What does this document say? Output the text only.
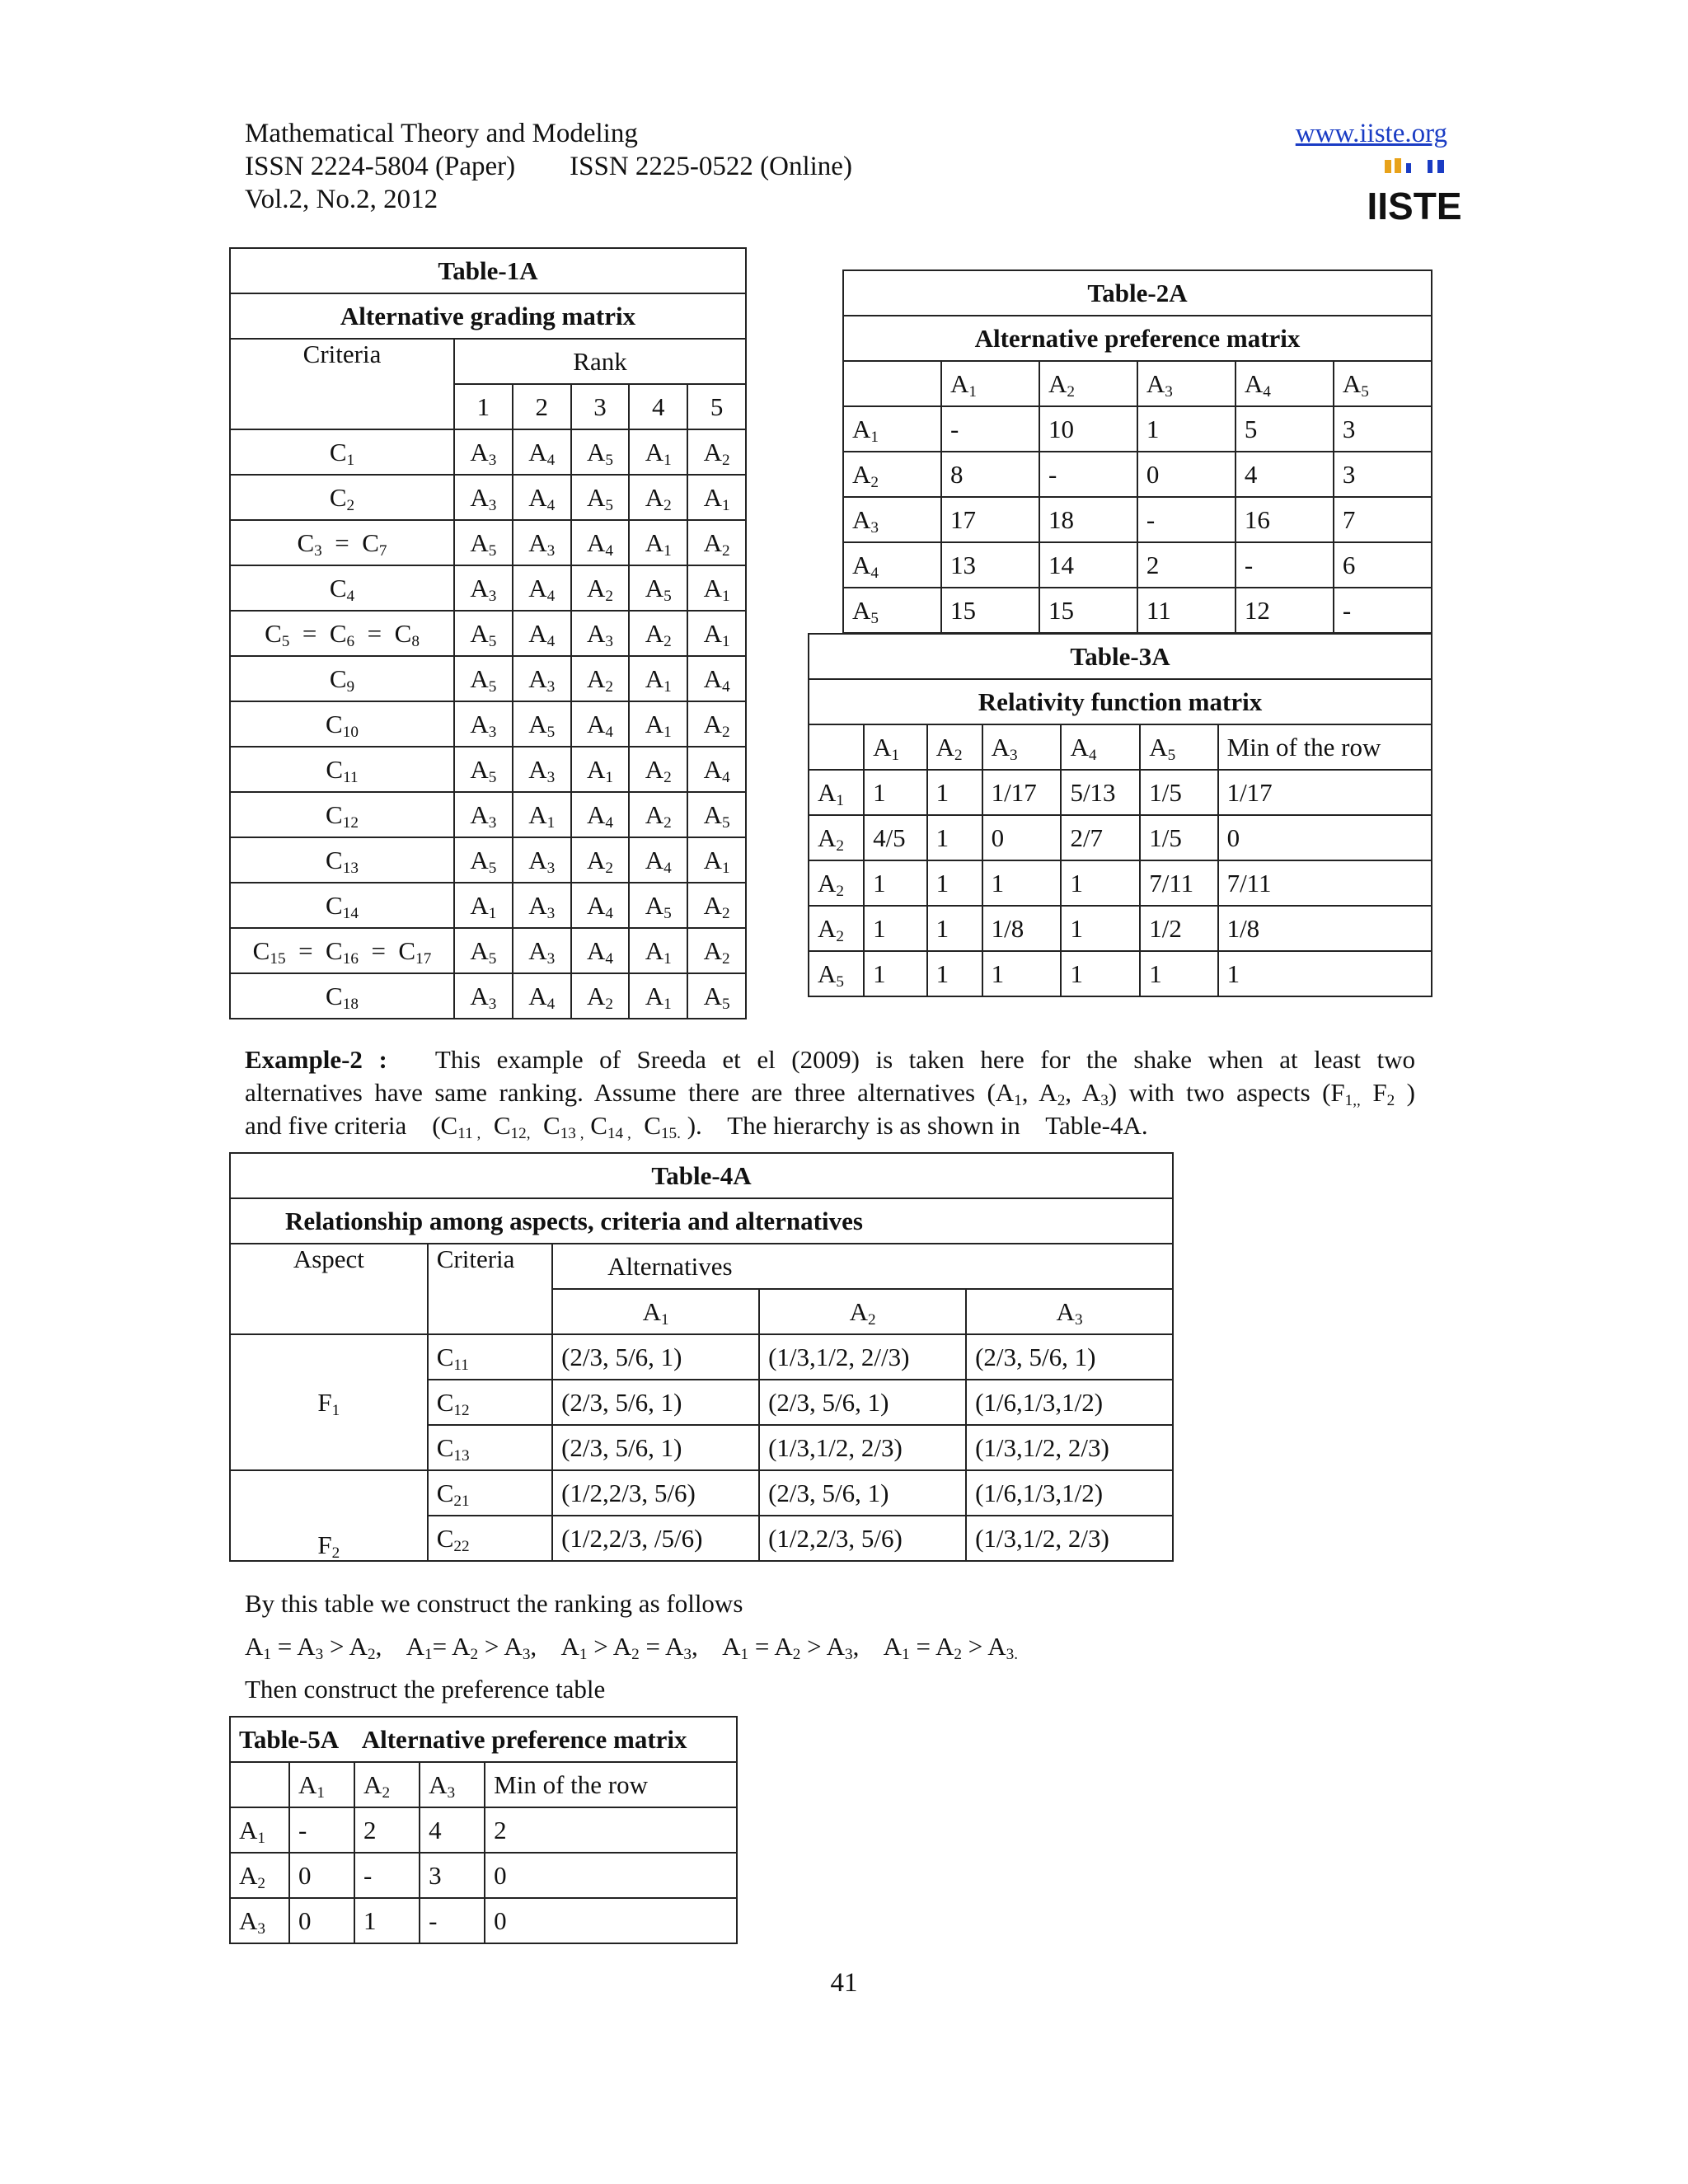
Mathematical Theory and Modeling
ISSN 2224-5804 (Paper)        ISSN 2225-0522 (Online)
Vol.2, No.2, 2012
www.iiste.org
IISTE
Table-1A					
Alternative grading matrix					
Criteria	Rank				
	1	2	3	4	5
$C_1$	$A_3$	$A_4$	$A_5$	$A_1$	$A_2$
$C_2$	$A_3$	$A_4$	$A_5$	$A_2$	$A_1$
$C_3 = C_7$	$A_5$	$A_3$	$A_4$	$A_1$	$A_2$
$C_4$	$A_3$	$A_4$	$A_2$	$A_5$	$A_1$
$C_5 = C_6 = C_8$	$A_5$	$A_4$	$A_3$	$A_2$	$A_1$
$C_9$	$A_5$	$A_3$	$A_2$	$A_1$	$A_4$
$C_{10}$	$A_3$	$A_5$	$A_4$	$A_1$	$A_2$
$C_{11}$	$A_5$	$A_3$	$A_1$	$A_2$	$A_4$
$C_{12}$	$A_3$	$A_1$	$A_4$	$A_2$	$A_5$
$C_{13}$	$A_5$	$A_3$	$A_2$	$A_4$	$A_1$
$C_{14}$	$A_1$	$A_3$	$A_4$	$A_5$	$A_2$
$C_{15} = C_{16} = C_{17}$	$A_5$	$A_3$	$A_4$	$A_1$	$A_2$
$C_{18}$	$A_3$	$A_4$	$A_2$	$A_1$	$A_5$
Table-2A					
Alternative preference matrix					
	$A_1$	$A_2$	$A_3$	$A_4$	$A_5$
$A_1$	-	10	1	5	3
$A_2$	8	-	0	4	3
$A_3$	17	18	-	16	7
$A_4$	13	14	2	-	6
$A_5$	15	15	11	12	-
Table-3A						
Relativity function matrix						
	$A_1$	$A_2$	$A_3$	$A_4$	$A_5$	Min of the row
$A_1$	1	1	1/17	5/13	1/5	1/17
$A_2$	4/5	1	0	2/7	1/5	0
$A_2$	1	1	1	1	7/11	7/11
$A_2$	1	1	1/8	1	1/2	1/8
$A_5$	1	1	1	1	1	1
Example-2 : This example of Sreeda et el (2009) is taken here for the shake when at least two
alternatives have same ranking. Assume there are three alternatives ($A_1$, $A_2$, $A_3$) with two aspects ($F_{1,,}$ $F_2$ )
and five criteria    ($C_{11 ,}$  $C_{12,}$  $C_{13 ,}$ $C_{14 ,}$  $C_{15.}$ ).    The hierarchy is as shown in    Table-4A.
Table-4A				
Relationship among aspects, criteria and alternatives				
Aspect	Criteria	Alternatives		
		$A_1$	$A_2$	$A_3$
$F_1$	$C_{11}$	(2/3, 5/6, 1)	(1/3,1/2, 2//3)	(2/3, 5/6, 1)
	$C_{12}$	(2/3, 5/6, 1)	(2/3, 5/6, 1)	(1/6,1/3,1/2)
	$C_{13}$	(2/3, 5/6, 1)	(1/3,1/2, 2/3)	(1/3,1/2, 2/3)
$F_2$	$C_{21}$	(1/2,2/3, 5/6)	(2/3, 5/6, 1)	(1/6,1/3,1/2)
	$C_{22}$	(1/2,2/3, /5/6)	(1/2,2/3, 5/6)	(1/3,1/2, 2/3)
By this table we construct the ranking as follows
$A_1 = A_3 > A_2$,    $A_1= A_2 > A_3$,    $A_1 > A_2 = A_3$,    $A_1 = A_2 > A_3$,    $A_1 = A_2 > A_{3.}$
Then construct the preference table
Table-5A    Alternative preference matrix				
	$A_1$	$A_2$	$A_3$	Min of the row
$A_1$	-	2	4	2
$A_2$	0	-	3	0
$A_3$	0	1	-	0
41
